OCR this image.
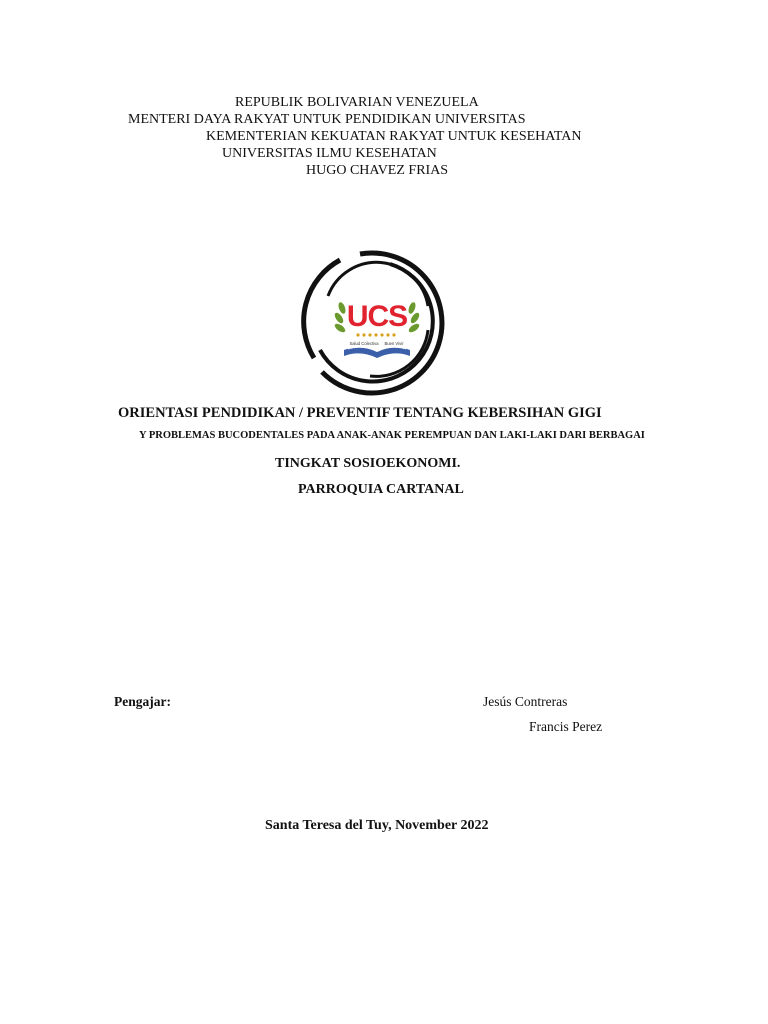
REPUBLIK BOLIVARIAN VENEZUELA
MENTERI DAYA RAKYAT UNTUK PENDIDIKAN UNIVERSITAS
KEMENTERIAN KEKUATAN RAKYAT UNTUK KESEHATAN
UNIVERSITAS ILMU KESEHATAN
HUGO CHAVEZ FRIAS
UCS
Salud Colectiva Buen Vivir
ORIENTASI PENDIDIKAN / PREVENTIF TENTANG KEBERSIHAN GIGI
Y PROBLEMAS BUCODENTALES PADA ANAK-ANAK PEREMPUAN DAN LAKI-LAKI DARI BERBAGAI
TINGKAT SOSIOEKONOMI.
PARROQUIA CARTANAL
Pengajar:	Jesús Contreras
Francis Perez
Santa Teresa del Tuy, November 2022
